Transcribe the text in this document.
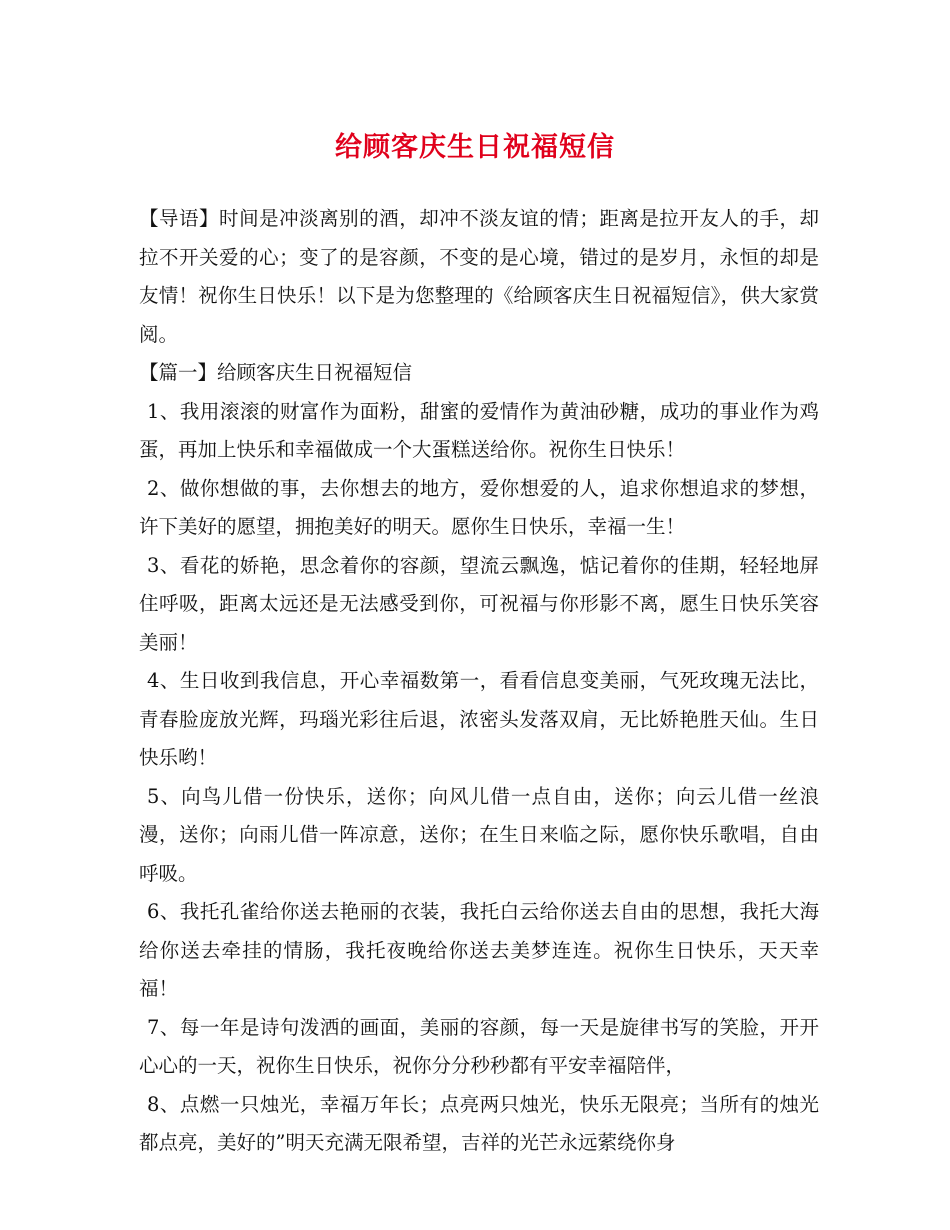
给顾客庆生日祝福短信

【导语】时间是冲淡离别的酒，却冲不淡友谊的情；距离是拉开友人的手，却拉不开关爱的心；变了的是容颜，不变的是心境，错过的是岁月，永恒的却是友情！祝你生日快乐！以下是为您整理的《给顾客庆生日祝福短信》，供大家赏阅。

【篇一】给顾客庆生日祝福短信

1、我用滚滚的财富作为面粉，甜蜜的爱情作为黄油砂糖，成功的事业作为鸡蛋，再加上快乐和幸福做成一个大蛋糕送给你。祝你生日快乐！

2、做你想做的事，去你想去的地方，爱你想爱的人，追求你想追求的梦想，许下美好的愿望，拥抱美好的明天。愿你生日快乐，幸福一生！

3、看花的娇艳，思念着你的容颜，望流云飘逸，惦记着你的佳期，轻轻地屏住呼吸，距离太远还是无法感受到你，可祝福与你形影不离，愿生日快乐笑容美丽！

4、生日收到我信息，开心幸福数第一，看看信息变美丽，气死玫瑰无法比，青春脸庞放光辉，玛瑙光彩往后退，浓密头发落双肩，无比娇艳胜天仙。生日快乐哟！

5、向鸟儿借一份快乐，送你；向风儿借一点自由，送你；向云儿借一丝浪漫，送你；向雨儿借一阵凉意，送你；在生日来临之际，愿你快乐歌唱，自由呼吸。

6、我托孔雀给你送去艳丽的衣装，我托白云给你送去自由的思想，我托大海给你送去牵挂的情肠，我托夜晚给你送去美梦连连。祝你生日快乐，天天幸福！

7、每一年是诗句泼洒的画面，美丽的容颜，每一天是旋律书写的笑脸，开开心心的一天，祝你生日快乐，祝你分分秒秒都有平安幸福陪伴，

8、点燃一只烛光，幸福万年长；点亮两只烛光，快乐无限亮；当所有的烛光都点亮，美好的”明天充满无限希望，吉祥的光芒永远萦绕你身
